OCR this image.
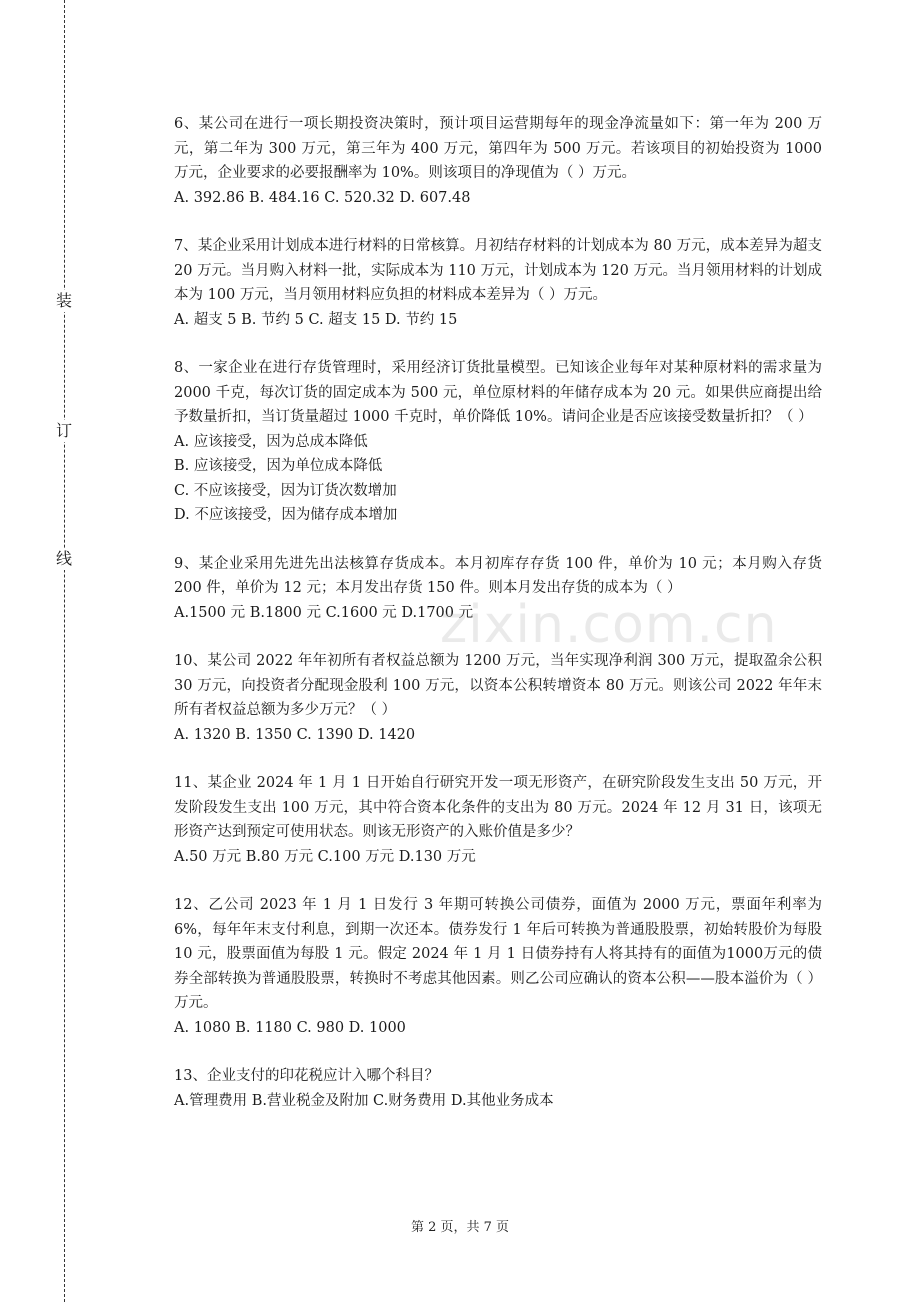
装
订
线

6、某公司在进行一项长期投资决策时，预计项目运营期每年的现金净流量如下：第一年为 200 万元，第二年为 300 万元，第三年为 400 万元，第四年为 500 万元。若该项目的初始投资为 1000 万元，企业要求的必要报酬率为 10%。则该项目的净现值为（ ）万元。

A. 392.86 B. 484.16 C. 520.32 D. 607.48

7、某企业采用计划成本进行材料的日常核算。月初结存材料的计划成本为 80 万元，成本差异为超支 20 万元。当月购入材料一批，实际成本为 110 万元，计划成本为 120 万元。当月领用材料的计划成本为 100 万元，当月领用材料应负担的材料成本差异为（ ）万元。

A. 超支 5 B. 节约 5 C. 超支 15 D. 节约 15

8、一家企业在进行存货管理时，采用经济订货批量模型。已知该企业每年对某种原材料的需求量为 2000 千克，每次订货的固定成本为 500 元，单位原材料的年储存成本为 20 元。如果供应商提出给予数量折扣，当订货量超过 1000 千克时，单价降低 10%。请问企业是否应该接受数量折扣？（ ）

A. 应该接受，因为总成本降低

B. 应该接受，因为单位成本降低

C. 不应该接受，因为订货次数增加

D. 不应该接受，因为储存成本增加

9、某企业采用先进先出法核算存货成本。本月初库存存货 100 件，单价为 10 元；本月购入存货 200 件，单价为 12 元；本月发出存货 150 件。则本月发出存货的成本为（ ）

A.1500 元 B.1800 元 C.1600 元 D.1700 元

10、某公司 2022 年年初所有者权益总额为 1200 万元，当年实现净利润 300 万元，提取盈余公积 30 万元，向投资者分配现金股利 100 万元，以资本公积转增资本 80 万元。则该公司 2022 年年末所有者权益总额为多少万元？（ ）

A. 1320 B. 1350 C. 1390 D. 1420

11、某企业 2024 年 1 月 1 日开始自行研究开发一项无形资产，在研究阶段发生支出 50 万元，开发阶段发生支出 100 万元，其中符合资本化条件的支出为 80 万元。2024 年 12 月 31 日，该项无形资产达到预定可使用状态。则该无形资产的入账价值是多少？

A.50 万元 B.80 万元 C.100 万元 D.130 万元

12、乙公司 2023 年 1 月 1 日发行 3 年期可转换公司债券，面值为 2000 万元，票面年利率为 6%，每年年末支付利息，到期一次还本。债券发行 1 年后可转换为普通股股票，初始转股价为每股 10 元，股票面值为每股 1 元。假定 2024 年 1 月 1 日债券持有人将其持有的面值为1000万元的债券全部转换为普通股股票，转换时不考虑其他因素。则乙公司应确认的资本公积——股本溢价为（ ）万元。

A. 1080 B. 1180 C. 980 D. 1000

13、企业支付的印花税应计入哪个科目？

A.管理费用 B.营业税金及附加 C.财务费用 D.其他业务成本

zixin.com.cn
第 2 页，共 7 页
